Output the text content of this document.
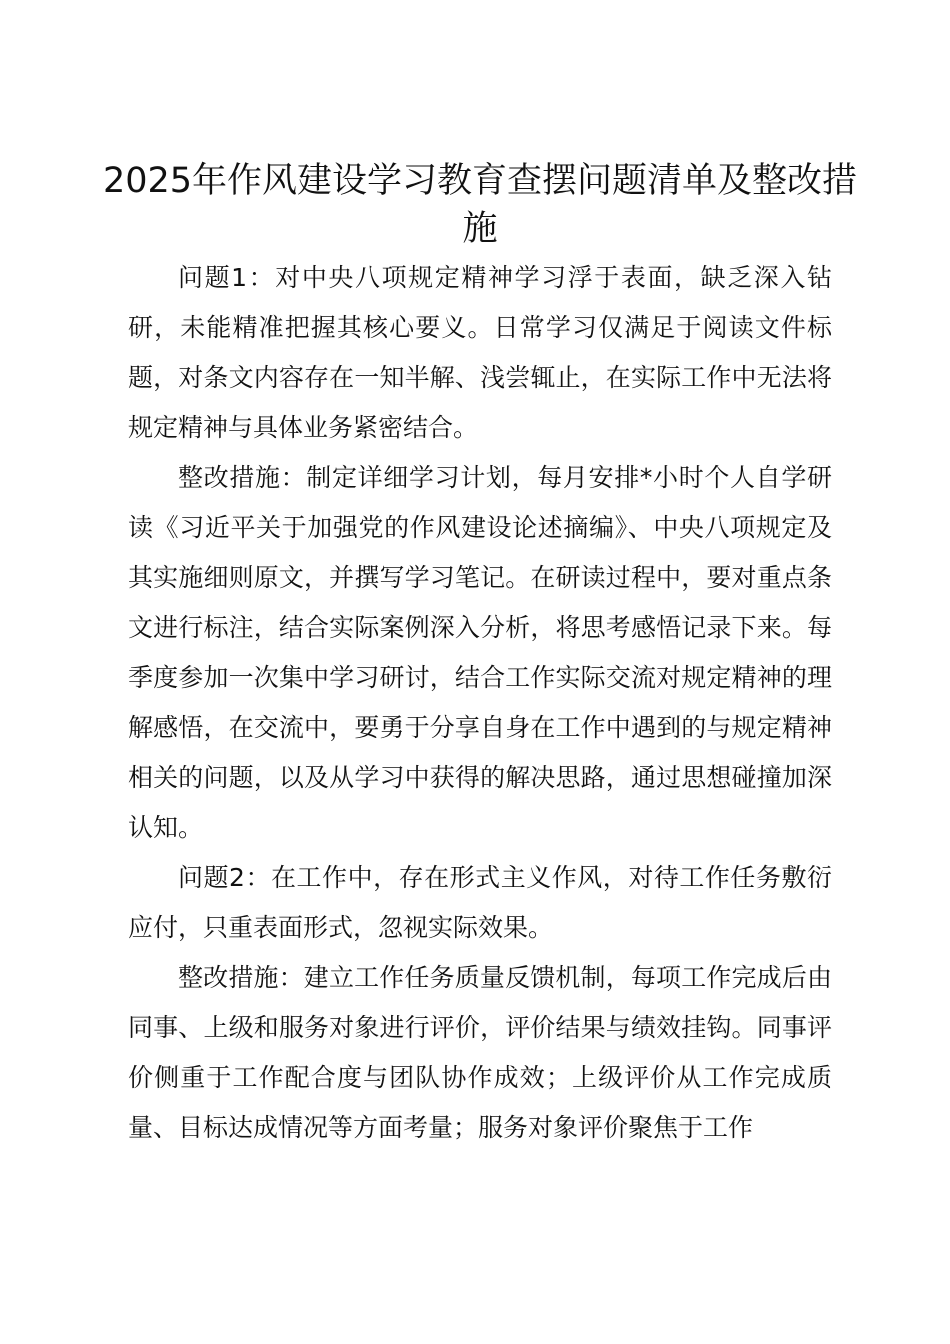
2025年作风建设学习教育查摆问题清单及整改措施

问题1：对中央八项规定精神学习浮于表面，缺乏深入钻研，未能精准把握其核心要义。日常学习仅满足于阅读文件标题，对条文内容存在一知半解、浅尝辄止，在实际工作中无法将规定精神与具体业务紧密结合。

整改措施：制定详细学习计划，每月安排*小时个人自学研读《习近平关于加强党的作风建设论述摘编》、中央八项规定及其实施细则原文，并撰写学习笔记。在研读过程中，要对重点条文进行标注，结合实际案例深入分析，将思考感悟记录下来。每季度参加一次集中学习研讨，结合工作实际交流对规定精神的理解感悟，在交流中，要勇于分享自身在工作中遇到的与规定精神相关的问题，以及从学习中获得的解决思路，通过思想碰撞加深认知。

问题2：在工作中，存在形式主义作风，对待工作任务敷衍应付，只重表面形式，忽视实际效果。

整改措施：建立工作任务质量反馈机制，每项工作完成后由同事、上级和服务对象进行评价，评价结果与绩效挂钩。同事评价侧重于工作配合度与团队协作成效；上级评价从工作完成质量、目标达成情况等方面考量；服务对象评价聚焦于工作
